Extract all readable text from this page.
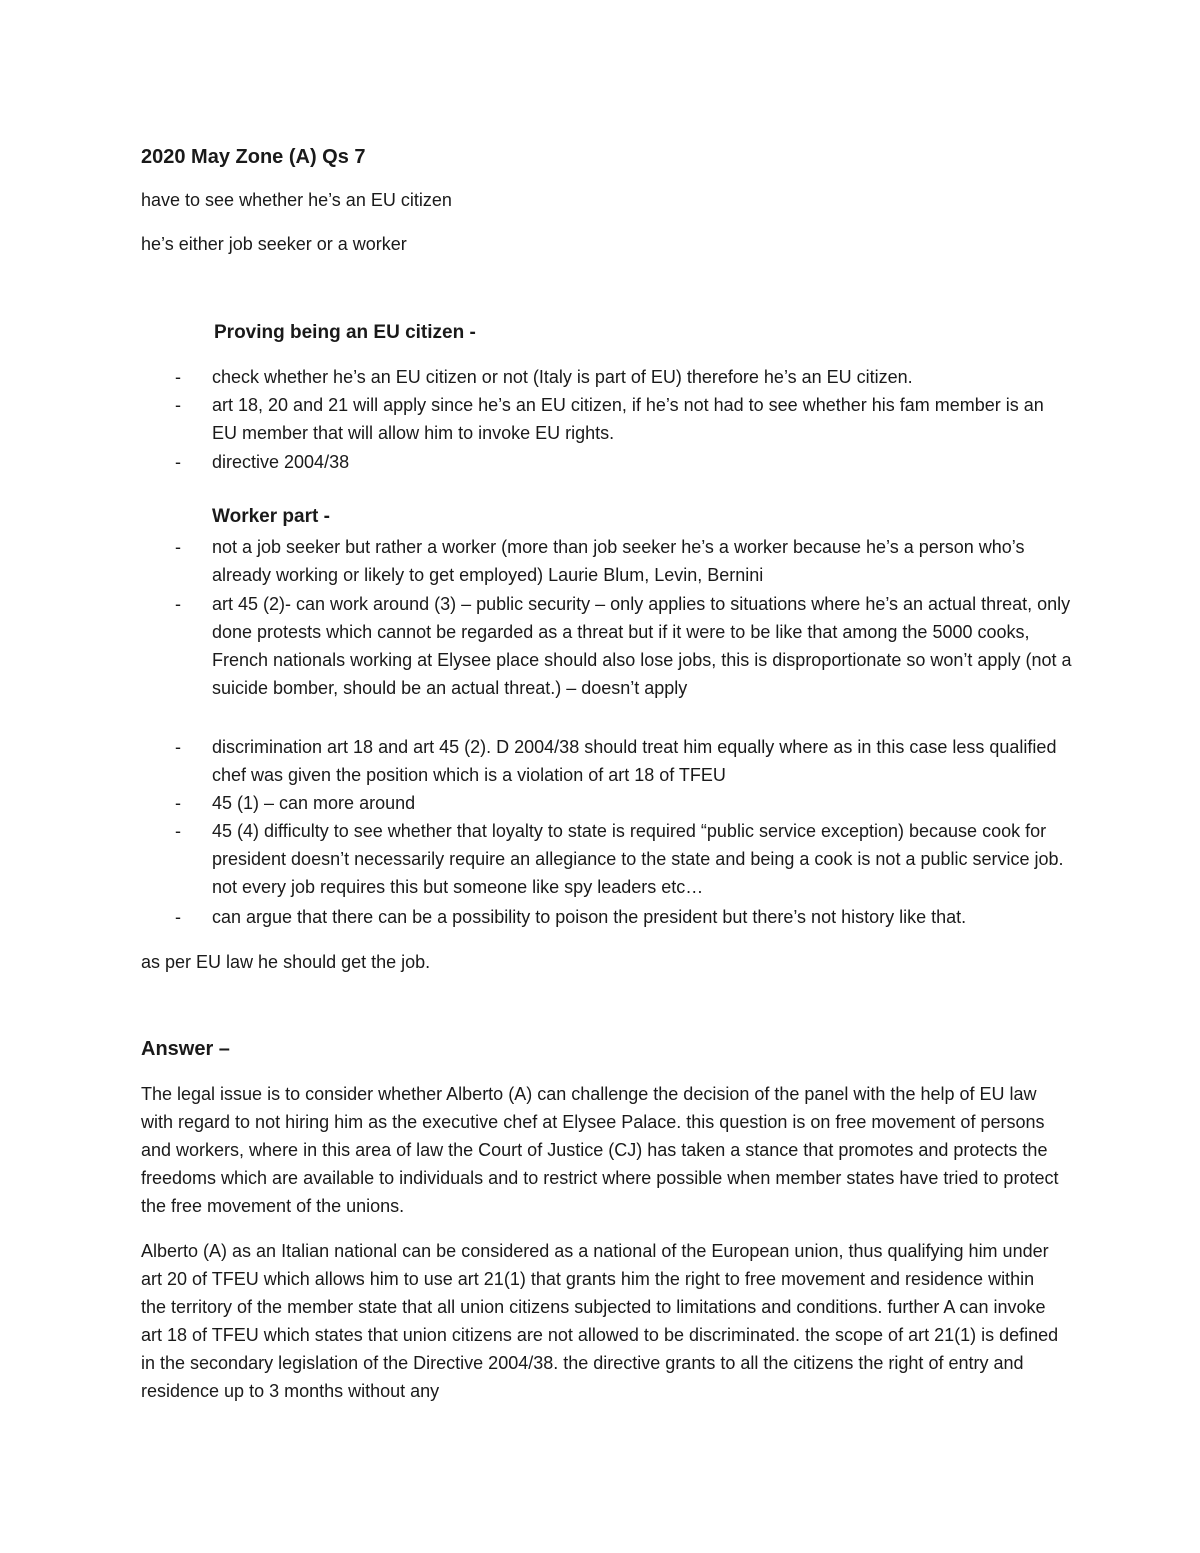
2020 May Zone (A) Qs 7
have to see whether he’s an EU citizen
he’s either job seeker or a worker
Proving being an EU citizen -
- check whether he’s an EU citizen or not (Italy is part of EU) therefore he’s an EU citizen.
- art 18, 20 and 21 will apply since he’s an EU citizen, if he’s not had to see whether his fam member is an EU member that will allow him to invoke EU rights.
- directive 2004/38
Worker part -
- not a job seeker but rather a worker (more than job seeker he’s a worker because he’s a person who’s already working or likely to get employed) Laurie Blum, Levin, Bernini
- art 45 (2)- can work around (3) – public security – only applies to situations where he’s an actual threat, only done protests which cannot be regarded as a threat but if it were to be like that among the 5000 cooks, French nationals working at Elysee place should also lose jobs, this is disproportionate so won’t apply (not a suicide bomber, should be an actual threat.) – doesn’t apply
- discrimination art 18 and art 45 (2). D 2004/38 should treat him equally where as in this case less qualified chef was given the position which is a violation of art 18 of TFEU
- 45 (1) – can more around
- 45 (4) difficulty to see whether that loyalty to state is required “public service exception) because cook for president doesn’t necessarily require an allegiance to the state and being a cook is not a public service job. not every job requires this but someone like spy leaders etc…
- can argue that there can be a possibility to poison the president but there’s not history like that.
as per EU law he should get the job.
Answer –
The legal issue is to consider whether Alberto (A) can challenge the decision of the panel with the help of EU law with regard to not hiring him as the executive chef at Elysee Palace. this question is on free movement of persons and workers, where in this area of law the Court of Justice (CJ) has taken a stance that promotes and protects the freedoms which are available to individuals and to restrict where possible when member states have tried to protect the free movement of the unions.
Alberto (A) as an Italian national can be considered as a national of the European union, thus qualifying him under art 20 of TFEU which allows him to use art 21(1) that grants him the right to free movement and residence within the territory of the member state that all union citizens subjected to limitations and conditions. further A can invoke art 18 of TFEU which states that union citizens are not allowed to be discriminated. the scope of art 21(1) is defined in the secondary legislation of the Directive 2004/38. the directive grants to all the citizens the right of entry and residence up to 3 months without any
